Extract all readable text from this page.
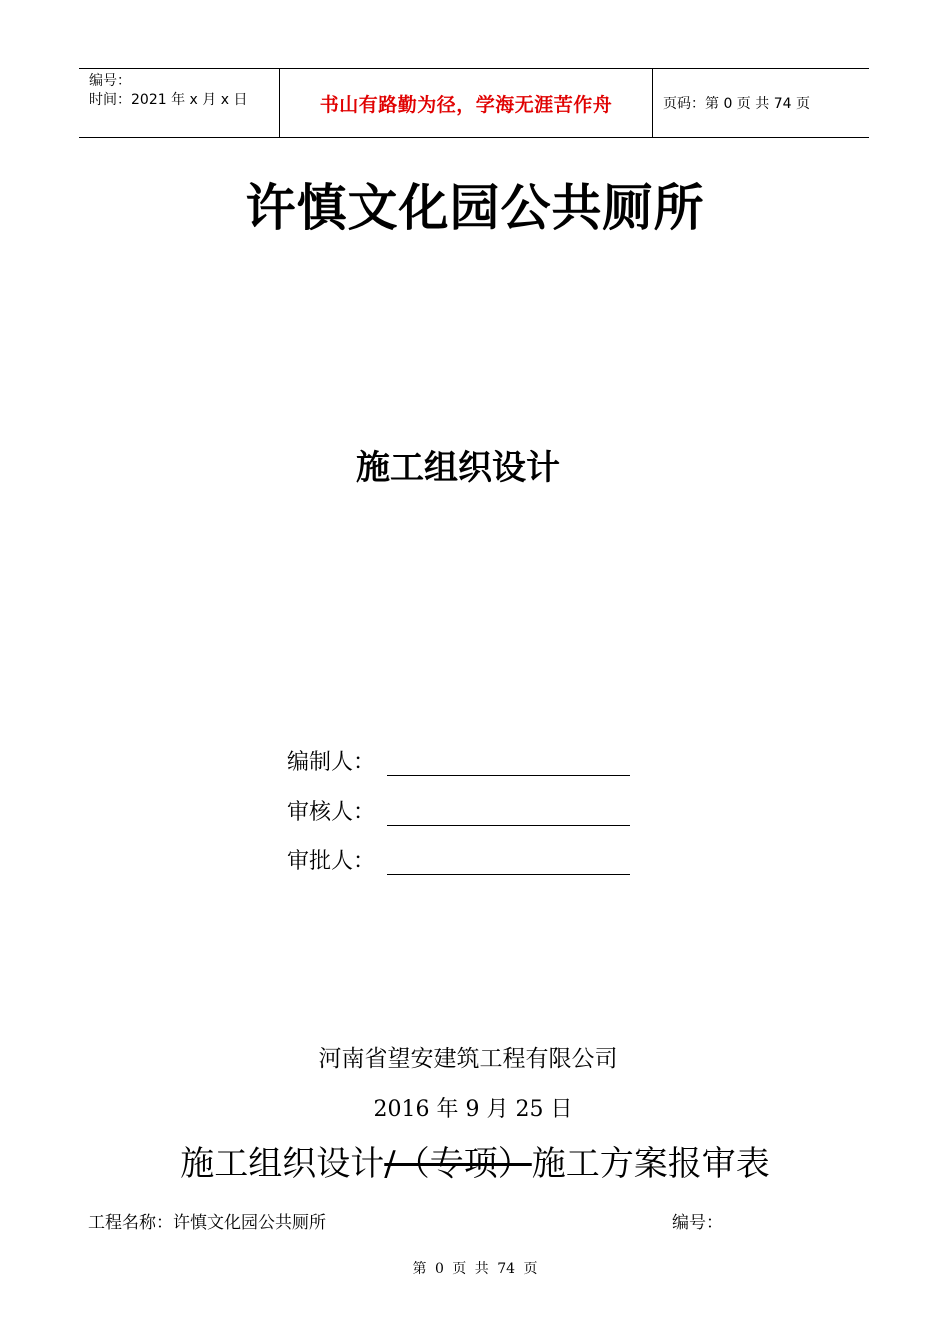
编号：
时间：2021 年 x 月 x 日	书山有路勤为径，学海无涯苦作舟	页码：第 0 页 共 74 页
许慎文化园公共厕所
施工组织设计
编制人：
审核人：
审批人：
河南省望安建筑工程有限公司
2016 年 9 月 25 日
施工组织设计/（专项）施工方案报审表
工程名称：许慎文化园公共厕所	编号：
第 0 页 共 74 页
